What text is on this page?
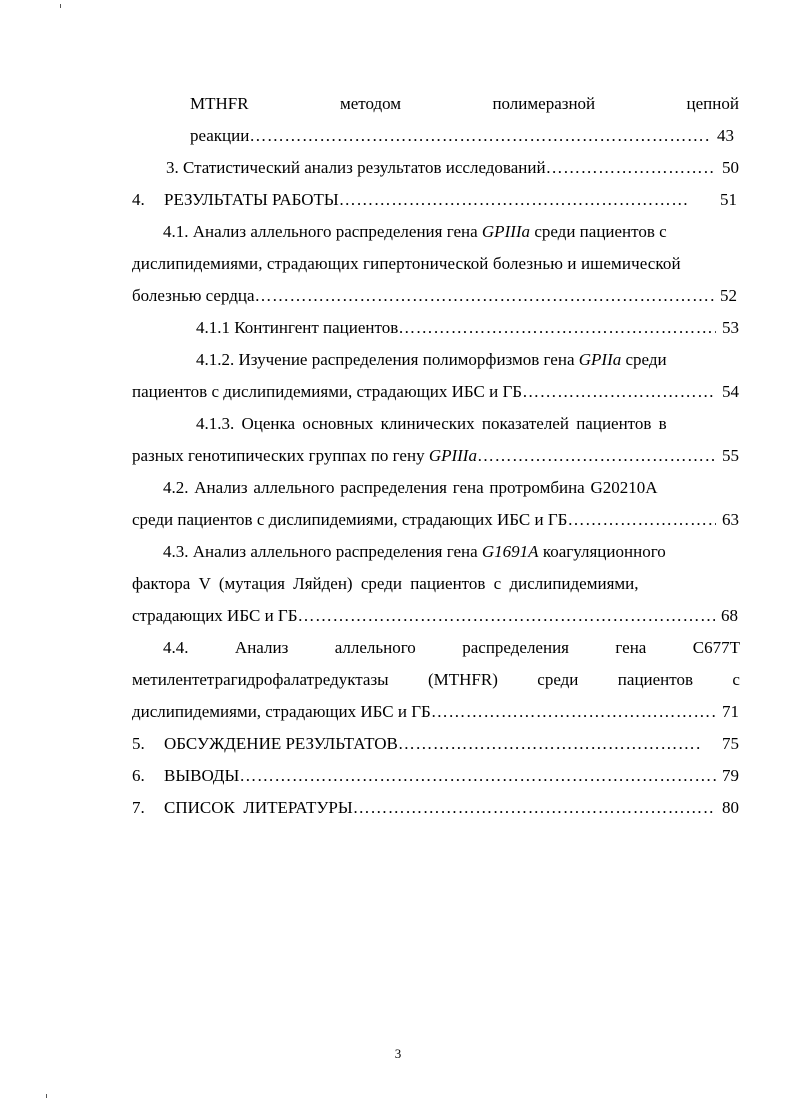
MTHFR	методом	полимеразной	цепной
реакции …………………………………………………………………………………………………………………………………………………………………………………………………………	43
3. Статистический анализ результатов исследований …………………………………………………………………………………………………………………………………………………………………………………………………………	50
4.	РЕЗУЛЬТАТЫ РАБОТЫ …………………………………………………………………………………………………………………………………………………………………………………………………………	51
4.1. Анализ аллельного распределения гена GPIIIa среди пациентов с
дислипидемиями, страдающих гипертонической болезнью и ишемической
болезнью сердца …………………………………………………………………………………………………………………………………………………………………………………………………………	52
4.1.1 Контингент пациентов …………………………………………………………………………………………………………………………………………………………………………………………………………	53
4.1.2. Изучение распределения полиморфизмов гена GPIIa среди
пациентов с дислипидемиями, страдающих ИБС и ГБ …………………………………………………………………………………………………………………………………………………………………………………………………………	54
4.1.3. Оценка основных клинических показателей пациентов в
разных генотипических группах по гену GPIIIa …………………………………………………………………………………………………………………………………………………………………………………………………………	55
4.2. Анализ аллельного распределения гена протромбина G20210A
среди пациентов с дислипидемиями, страдающих ИБС и ГБ …………………………………………………………………………………………………………………………………………………………………………………………………………	63
4.3. Анализ аллельного распределения гена G1691A коагуляционного
фактора V (мутация Ляйден) среди пациентов с дислипидемиями,
страдающих ИБС и ГБ …………………………………………………………………………………………………………………………………………………………………………………………………………	68
4.4.	Анализ	аллельного	распределения	гена	C677T
метилентетрагидрофалатредуктазы (MTHFR) среди пациентов с
дислипидемиями, страдающих ИБС и ГБ …………………………………………………………………………………………………………………………………………………………………………………………………………	71
5.	ОБСУЖДЕНИЕ РЕЗУЛЬТАТОВ …………………………………………………………………………………………………………………………………………………………………………………………………………	75
6.	ВЫВОДЫ …………………………………………………………………………………………………………………………………………………………………………………………………………	79
7.	СПИСОК  ЛИТЕРАТУРЫ …………………………………………………………………………………………………………………………………………………………………………………………………………	80
3
